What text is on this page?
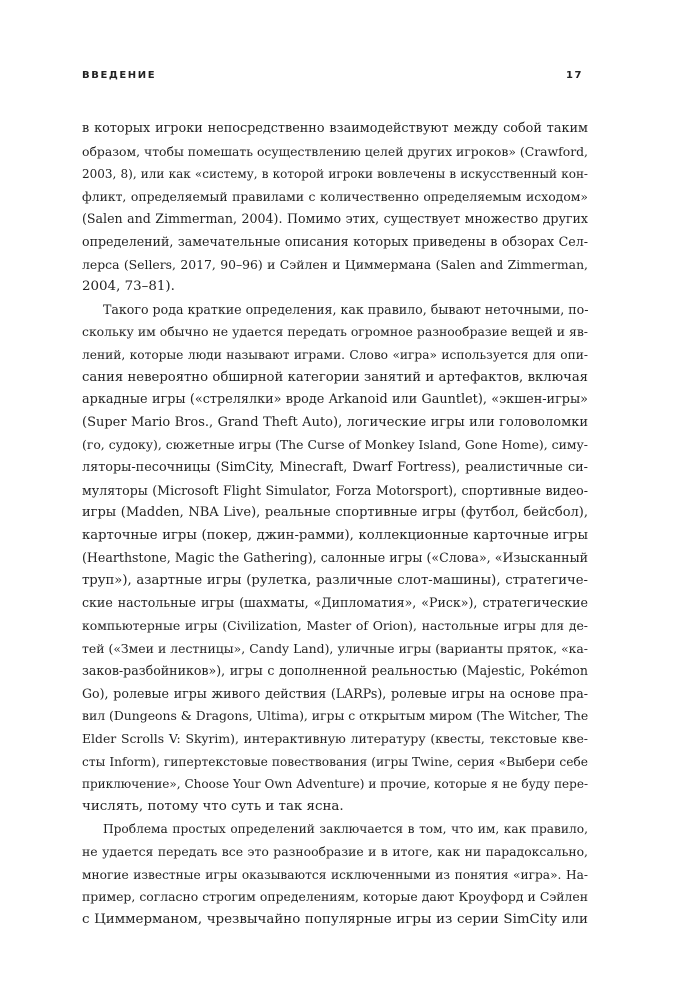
ВВЕДЕНИЕ	17
в которых игроки непосредственно взаимодействуют между собой таким
образом, чтобы помешать осуществлению целей других игроков» (Crawford,
2003, 8), или как «систему, в которой игроки вовлечены в искусственный кон-
фликт, определяемый правилами с количественно определяемым исходом»
(Salen and Zimmerman, 2004). Помимо этих, существует множество других
определений, замечательные описания которых приведены в обзорах Сел-
лерса (Sellers, 2017, 90–96) и Сэйлен и Циммермана (Salen and Zimmerman,
2004, 73–81).
Такого рода краткие определения, как правило, бывают неточными, по-
скольку им обычно не удается передать огромное разнообразие вещей и яв-
лений, которые люди называют играми. Слово «игра» используется для опи-
сания невероятно обширной категории занятий и артефактов, включая
аркадные игры («стрелялки» вроде Arkanoid или Gauntlet), «экшен-игры»
(Super Mario Bros., Grand Theft Auto), логические игры или головоломки
(го, судоку), сюжетные игры (The Curse of Monkey Island, Gone Home), симу-
ляторы-песочницы (SimCity, Minecraft, Dwarf Fortress), реалистичные си-
муляторы (Microsoft Flight Simulator, Forza Motorsport), спортивные видео-
игры (Madden, NBA Live), реальные спортивные игры (футбол, бейсбол),
карточные игры (покер, джин-рамми), коллекционные карточные игры
(Hearthstone, Magic the Gathering), салонные игры («Слова», «Изысканный
труп»), азартные игры (рулетка, различные слот-машины), стратегиче-
ские настольные игры (шахматы, «Дипломатия», «Риск»), стратегические
компьютерные игры (Civilization, Master of Orion), настольные игры для де-
тей («Змеи и лестницы», Candy Land), уличные игры (варианты пряток, «ка-
заков-разбойников»), игры с дополненной реальностью (Majestic, Pokémon
Go), ролевые игры живого действия (LARPs), ролевые игры на основе пра-
вил (Dungeons & Dragons, Ultima), игры с открытым миром (The Witcher, The
Elder Scrolls V: Skyrim), интерактивную литературу (квесты, текстовые кве-
сты Inform), гипертекстовые повествования (игры Twine, серия «Выбери себе
приключение», Choose Your Own Adventure) и прочие, которые я не буду пере-
числять, потому что суть и так ясна.
Проблема простых определений заключается в том, что им, как правило,
не удается передать все это разнообразие и в итоге, как ни парадоксально,
многие известные игры оказываются исключенными из понятия «игра». На-
пример, согласно строгим определениям, которые дают Кроуфорд и Сэйлен
с Циммерманом, чрезвычайно популярные игры из серии SimCity или
